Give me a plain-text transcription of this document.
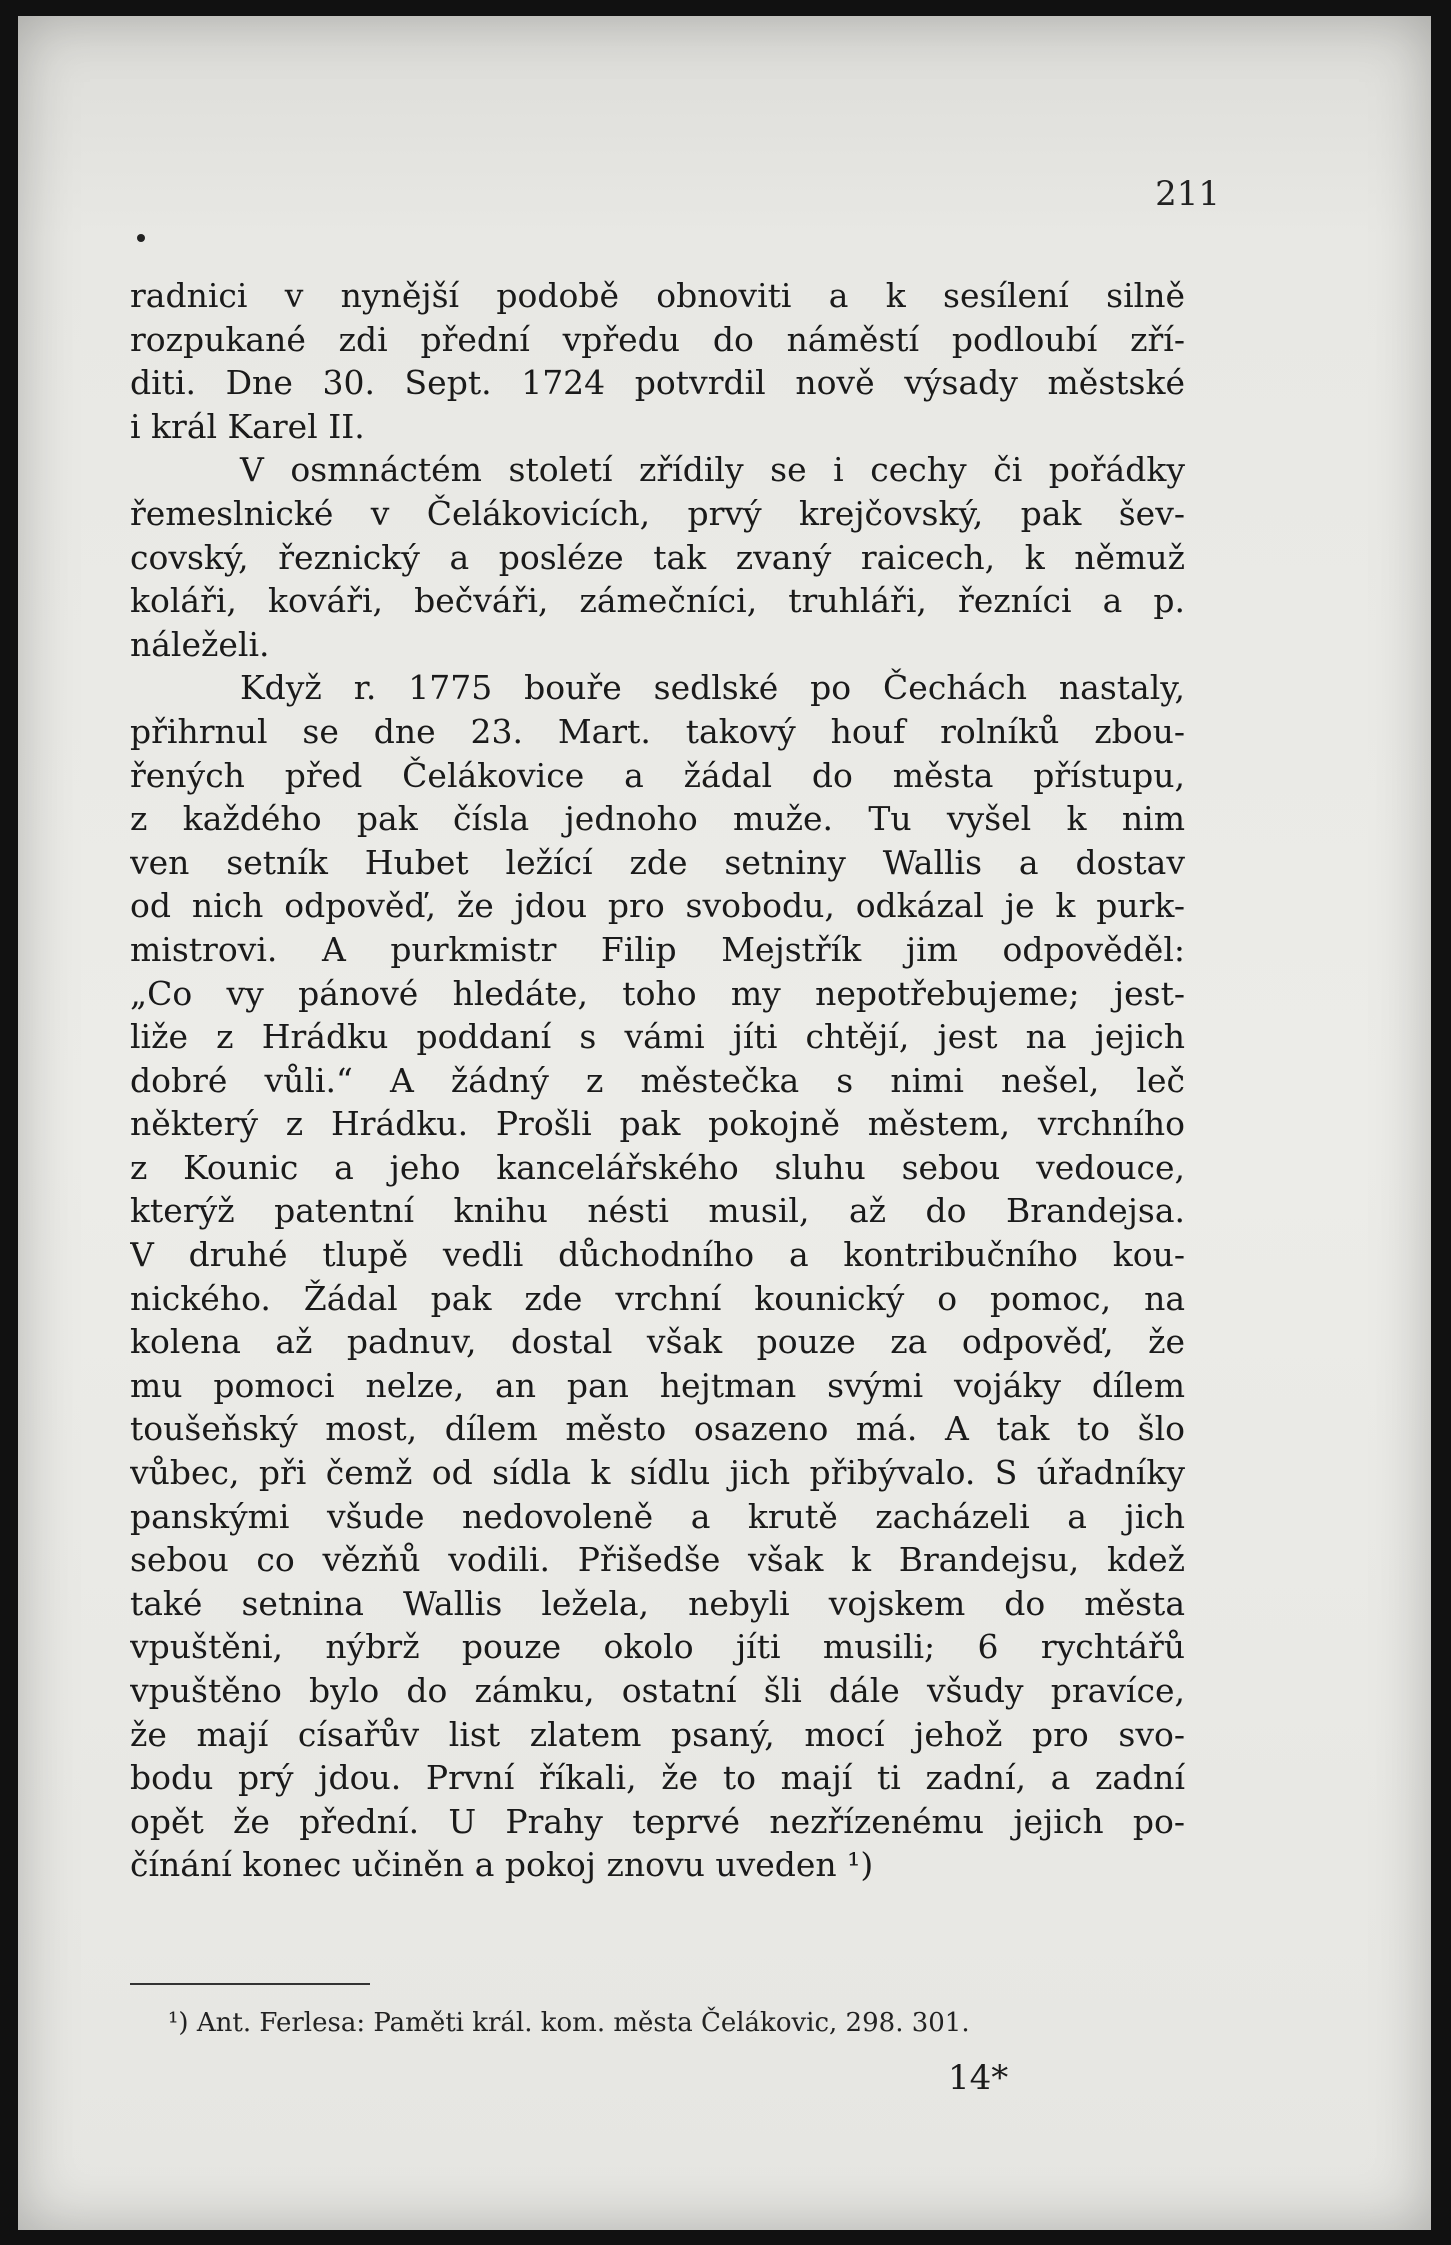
211
radnici v nynější podobě obnoviti a k sesílení silně
rozpukané zdi přední vpředu do náměstí podloubí zří-
diti. Dne 30. Sept. 1724 potvrdil nově výsady městské
i král Karel II.
V osmnáctém století zřídily se i cechy či pořádky
řemeslnické v Čelákovicích, prvý krejčovský, pak šev-
covský, řeznický a posléze tak zvaný raicech, k němuž
koláři, kováři, bečváři, zámečníci, truhláři, řezníci a p.
náleželi.
Když r. 1775 bouře sedlské po Čechách nastaly,
přihrnul se dne 23. Mart. takový houf rolníků zbou-
řených před Čelákovice a žádal do města přístupu,
z každého pak čísla jednoho muže. Tu vyšel k nim
ven setník Hubet ležící zde setniny Wallis a dostav
od nich odpověď, že jdou pro svobodu, odkázal je k purk-
mistrovi. A purkmistr Filip Mejstřík jim odpověděl:
„Co vy pánové hledáte, toho my nepotřebujeme; jest-
liže z Hrádku poddaní s vámi jíti chtějí, jest na jejich
dobré vůli.“ A žádný z městečka s nimi nešel, leč
některý z Hrádku. Prošli pak pokojně městem, vrchního
z Kounic a jeho kancelářského sluhu sebou vedouce,
kterýž patentní knihu nésti musil, až do Brandejsa.
V druhé tlupě vedli důchodního a kontribučního kou-
nického. Žádal pak zde vrchní kounický o pomoc, na
kolena až padnuv, dostal však pouze za odpověď, že
mu pomoci nelze, an pan hejtman svými vojáky dílem
toušeňský most, dílem město osazeno má. A tak to šlo
vůbec, při čemž od sídla k sídlu jich přibývalo. S úřadníky
panskými všude nedovoleně a krutě zacházeli a jich
sebou co vězňů vodili. Přišedše však k Brandejsu, kdež
také setnina Wallis ležela, nebyli vojskem do města
vpuštěni, nýbrž pouze okolo jíti musili; 6 rychtářů
vpuštěno bylo do zámku, ostatní šli dále všudy pravíce,
že mají císařův list zlatem psaný, mocí jehož pro svo-
bodu prý jdou. První říkali, že to mají ti zadní, a zadní
opět že přední. U Prahy teprvé nezřízenému jejich po-
čínání konec učiněn a pokoj znovu uveden ¹)
¹) Ant. Ferlesa: Paměti král. kom. města Čelákovic, 298. 301.
14*
